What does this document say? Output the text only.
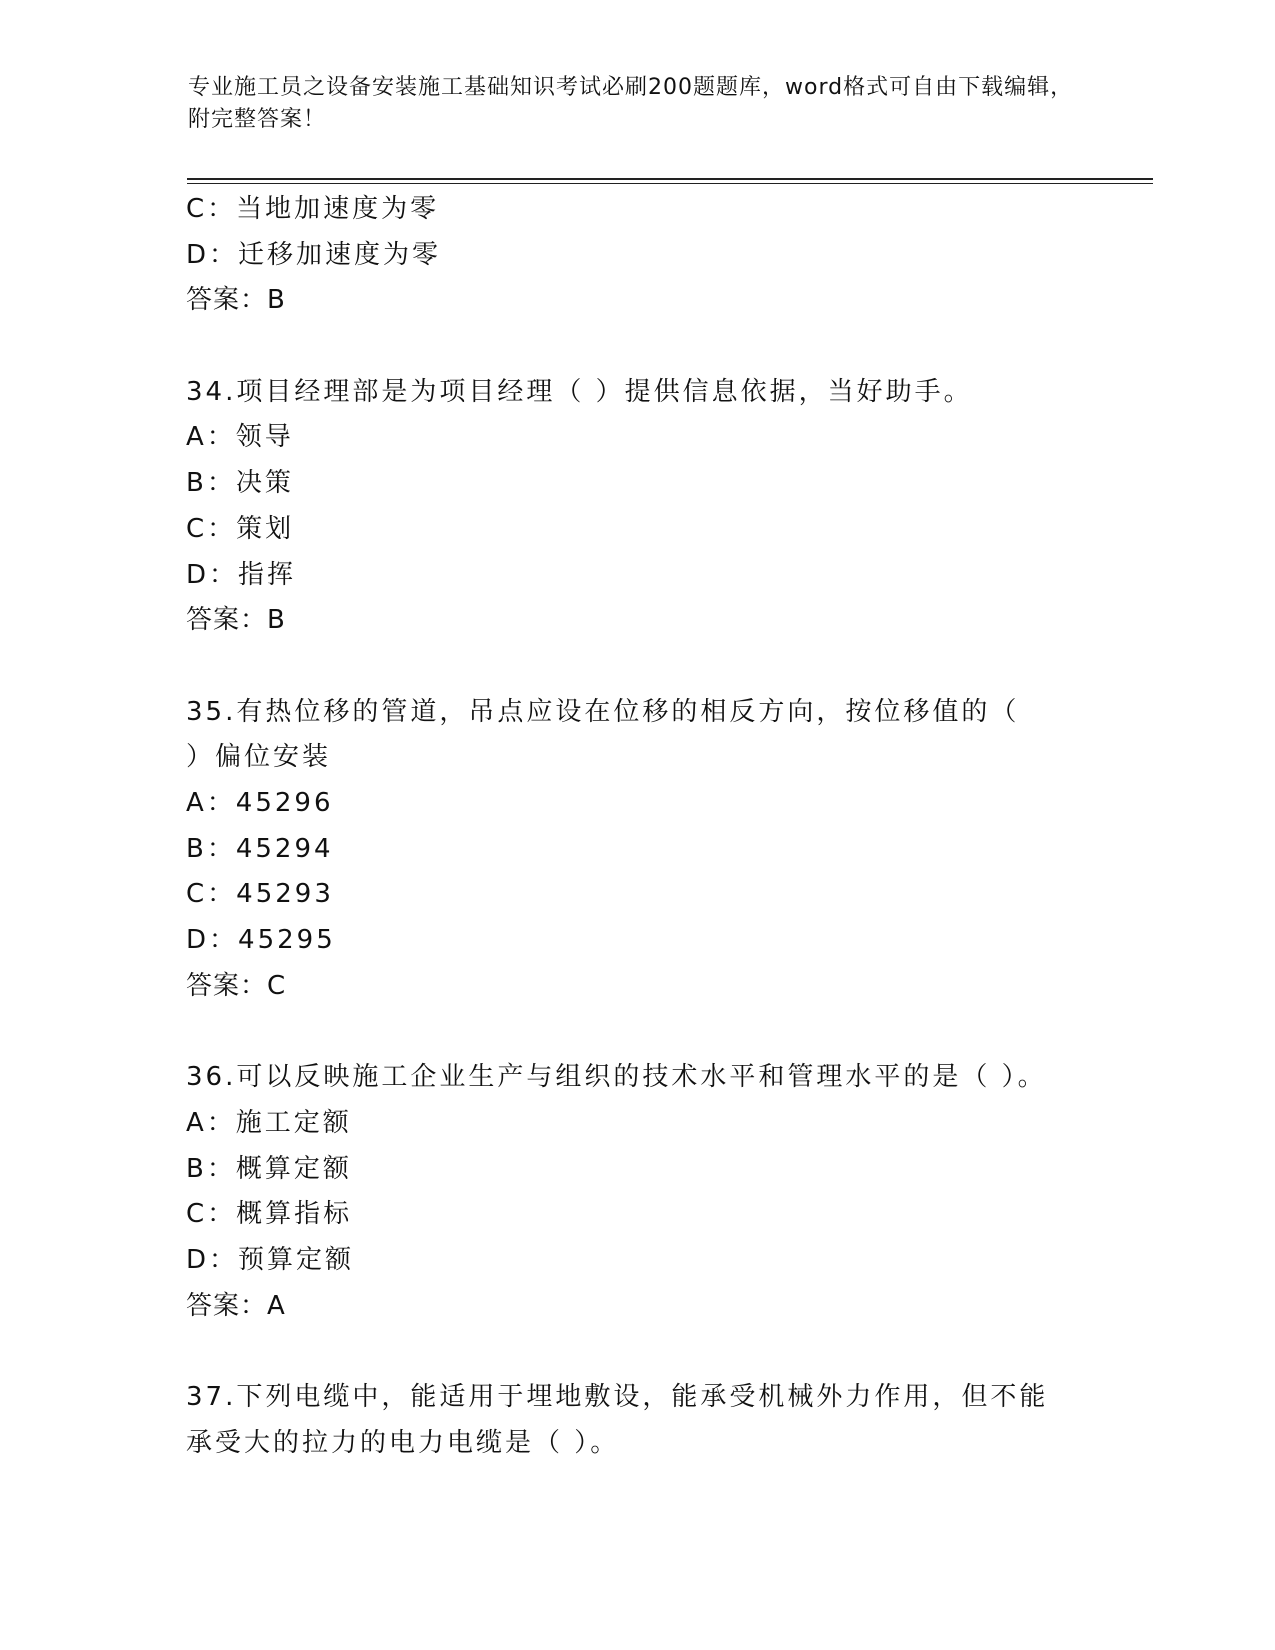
专业施工员之设备安装施工基础知识考试必刷200题题库，word格式可自由下载编辑，附完整答案！
C：当地加速度为零
D：迁移加速度为零
答案：B
34.项目经理部是为项目经理（ ）提供信息依据，当好助手。
A：领导
B：决策
C：策划
D：指挥
答案：B
35.有热位移的管道，吊点应设在位移的相反方向，按位移值的（ ）偏位安装
A：45296
B：45294
C：45293
D：45295
答案：C
36.可以反映施工企业生产与组织的技术水平和管理水平的是（ ）。
A：施工定额
B：概算定额
C：概算指标
D：预算定额
答案：A
37.下列电缆中，能适用于埋地敷设，能承受机械外力作用，但不能承受大的拉力的电力电缆是（ ）。
